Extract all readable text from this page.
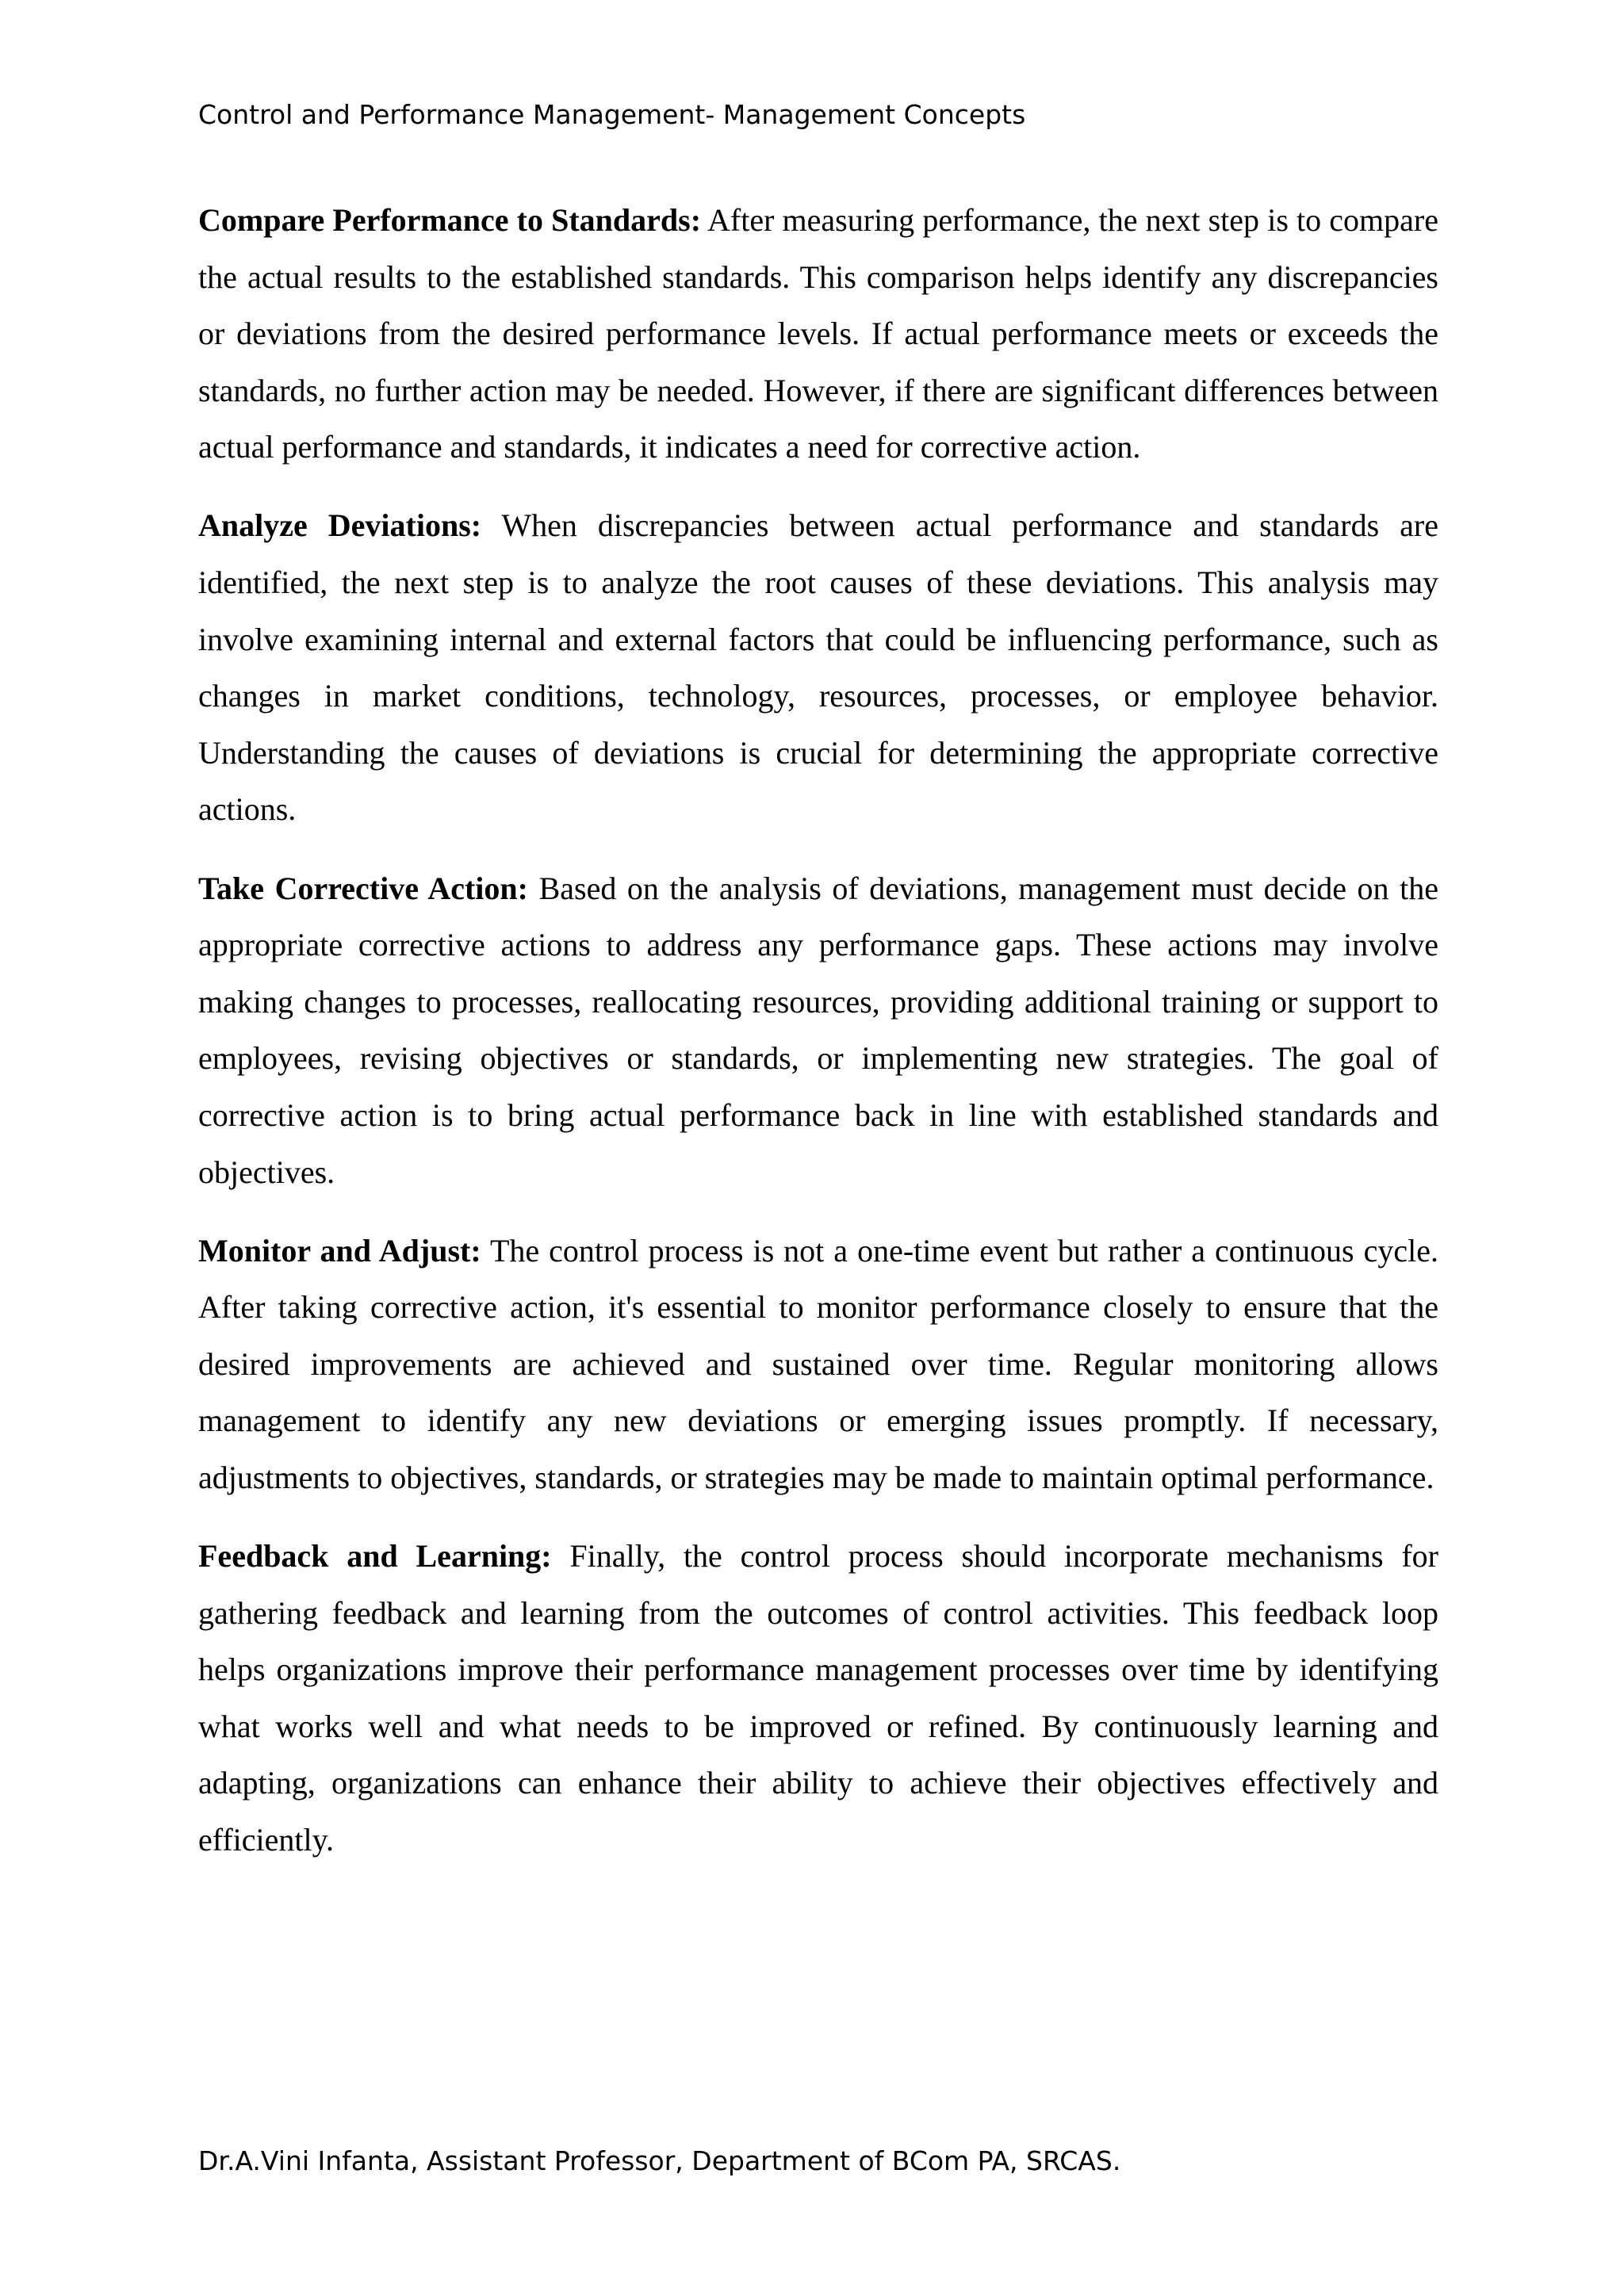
Control and Performance Management- Management Concepts

Compare Performance to Standards: After measuring performance, the next step is to compare the actual results to the established standards. This comparison helps identify any discrepancies or deviations from the desired performance levels. If actual performance meets or exceeds the standards, no further action may be needed. However, if there are significant differences between actual performance and standards, it indicates a need for corrective action.

Analyze Deviations: When discrepancies between actual performance and standards are identified, the next step is to analyze the root causes of these deviations. This analysis may involve examining internal and external factors that could be influencing performance, such as changes in market conditions, technology, resources, processes, or employee behavior. Understanding the causes of deviations is crucial for determining the appropriate corrective actions.

Take Corrective Action: Based on the analysis of deviations, management must decide on the appropriate corrective actions to address any performance gaps. These actions may involve making changes to processes, reallocating resources, providing additional training or support to employees, revising objectives or standards, or implementing new strategies. The goal of corrective action is to bring actual performance back in line with established standards and objectives.

Monitor and Adjust: The control process is not a one-time event but rather a continuous cycle. After taking corrective action, it's essential to monitor performance closely to ensure that the desired improvements are achieved and sustained over time. Regular monitoring allows management to identify any new deviations or emerging issues promptly. If necessary, adjustments to objectives, standards, or strategies may be made to maintain optimal performance.

Feedback and Learning: Finally, the control process should incorporate mechanisms for gathering feedback and learning from the outcomes of control activities. This feedback loop helps organizations improve their performance management processes over time by identifying what works well and what needs to be improved or refined. By continuously learning and adapting, organizations can enhance their ability to achieve their objectives effectively and efficiently.

Dr.A.Vini Infanta, Assistant Professor, Department of BCom PA, SRCAS.
